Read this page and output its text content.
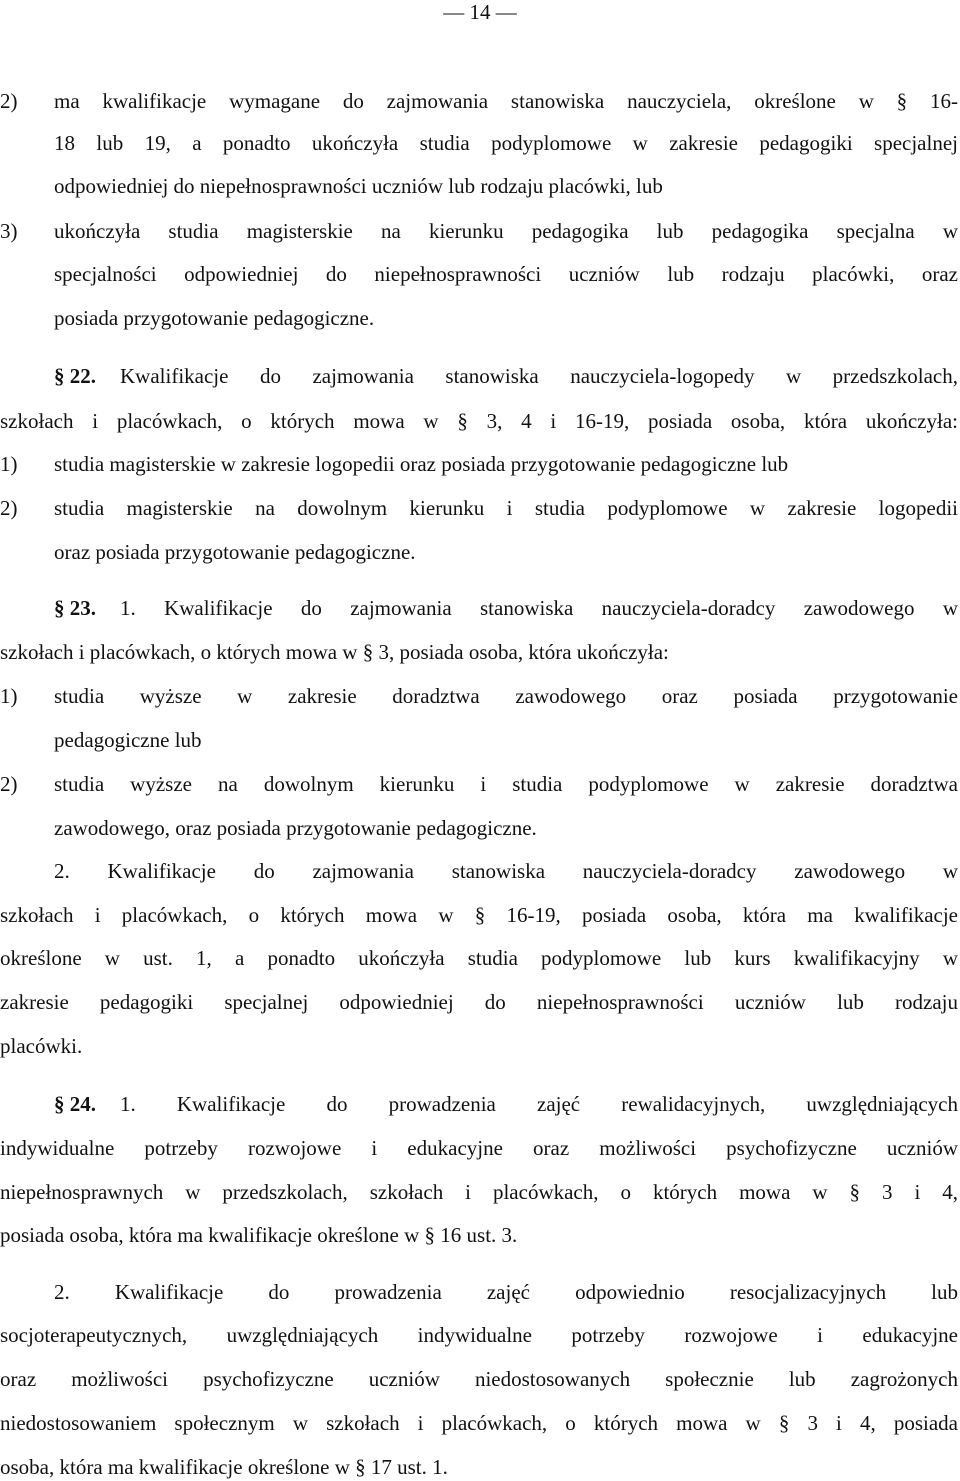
— 14 —
2) ma kwalifikacje wymagane do zajmowania stanowiska nauczyciela, określone w § 16-
18 lub 19, a ponadto ukończyła studia podyplomowe w zakresie pedagogiki specjalnej
odpowiedniej do niepełnosprawności uczniów lub rodzaju placówki, lub
3) ukończyła studia magisterskie na kierunku pedagogika lub pedagogika specjalna w
specjalności odpowiedniej do niepełnosprawności uczniów lub rodzaju placówki, oraz
posiada przygotowanie pedagogiczne.
§ 22. Kwalifikacje do zajmowania stanowiska nauczyciela-logopedy w przedszkolach,
szkołach i placówkach, o których mowa w § 3, 4 i 16-19, posiada osoba, która ukończyła:
1) studia magisterskie w zakresie logopedii oraz posiada przygotowanie pedagogiczne lub
2) studia magisterskie na dowolnym kierunku i studia podyplomowe w zakresie logopedii
oraz posiada przygotowanie pedagogiczne.
§ 23. 1. Kwalifikacje do zajmowania stanowiska nauczyciela-doradcy zawodowego w
szkołach i placówkach, o których mowa w § 3, posiada osoba, która ukończyła:
1) studia wyższe w zakresie doradztwa zawodowego oraz posiada przygotowanie
pedagogiczne lub
2) studia wyższe na dowolnym kierunku i studia podyplomowe w zakresie doradztwa
zawodowego, oraz posiada przygotowanie pedagogiczne.
2. Kwalifikacje do zajmowania stanowiska nauczyciela-doradcy zawodowego w
szkołach i placówkach, o których mowa w § 16-19, posiada osoba, która ma kwalifikacje
określone w ust. 1, a ponadto ukończyła studia podyplomowe lub kurs kwalifikacyjny w
zakresie pedagogiki specjalnej odpowiedniej do niepełnosprawności uczniów lub rodzaju
placówki.
§ 24. 1. Kwalifikacje do prowadzenia zajęć rewalidacyjnych, uwzględniających
indywidualne potrzeby rozwojowe i edukacyjne oraz możliwości psychofizyczne uczniów
niepełnosprawnych w przedszkolach, szkołach i placówkach, o których mowa w § 3 i 4,
posiada osoba, która ma kwalifikacje określone w § 16 ust. 3.
2. Kwalifikacje do prowadzenia zajęć odpowiednio resocjalizacyjnych lub
socjoterapeutycznych, uwzględniających indywidualne potrzeby rozwojowe i edukacyjne
oraz możliwości psychofizyczne uczniów niedostosowanych społecznie lub zagrożonych
niedostosowaniem społecznym w szkołach i placówkach, o których mowa w § 3 i 4, posiada
osoba, która ma kwalifikacje określone w § 17 ust. 1.
